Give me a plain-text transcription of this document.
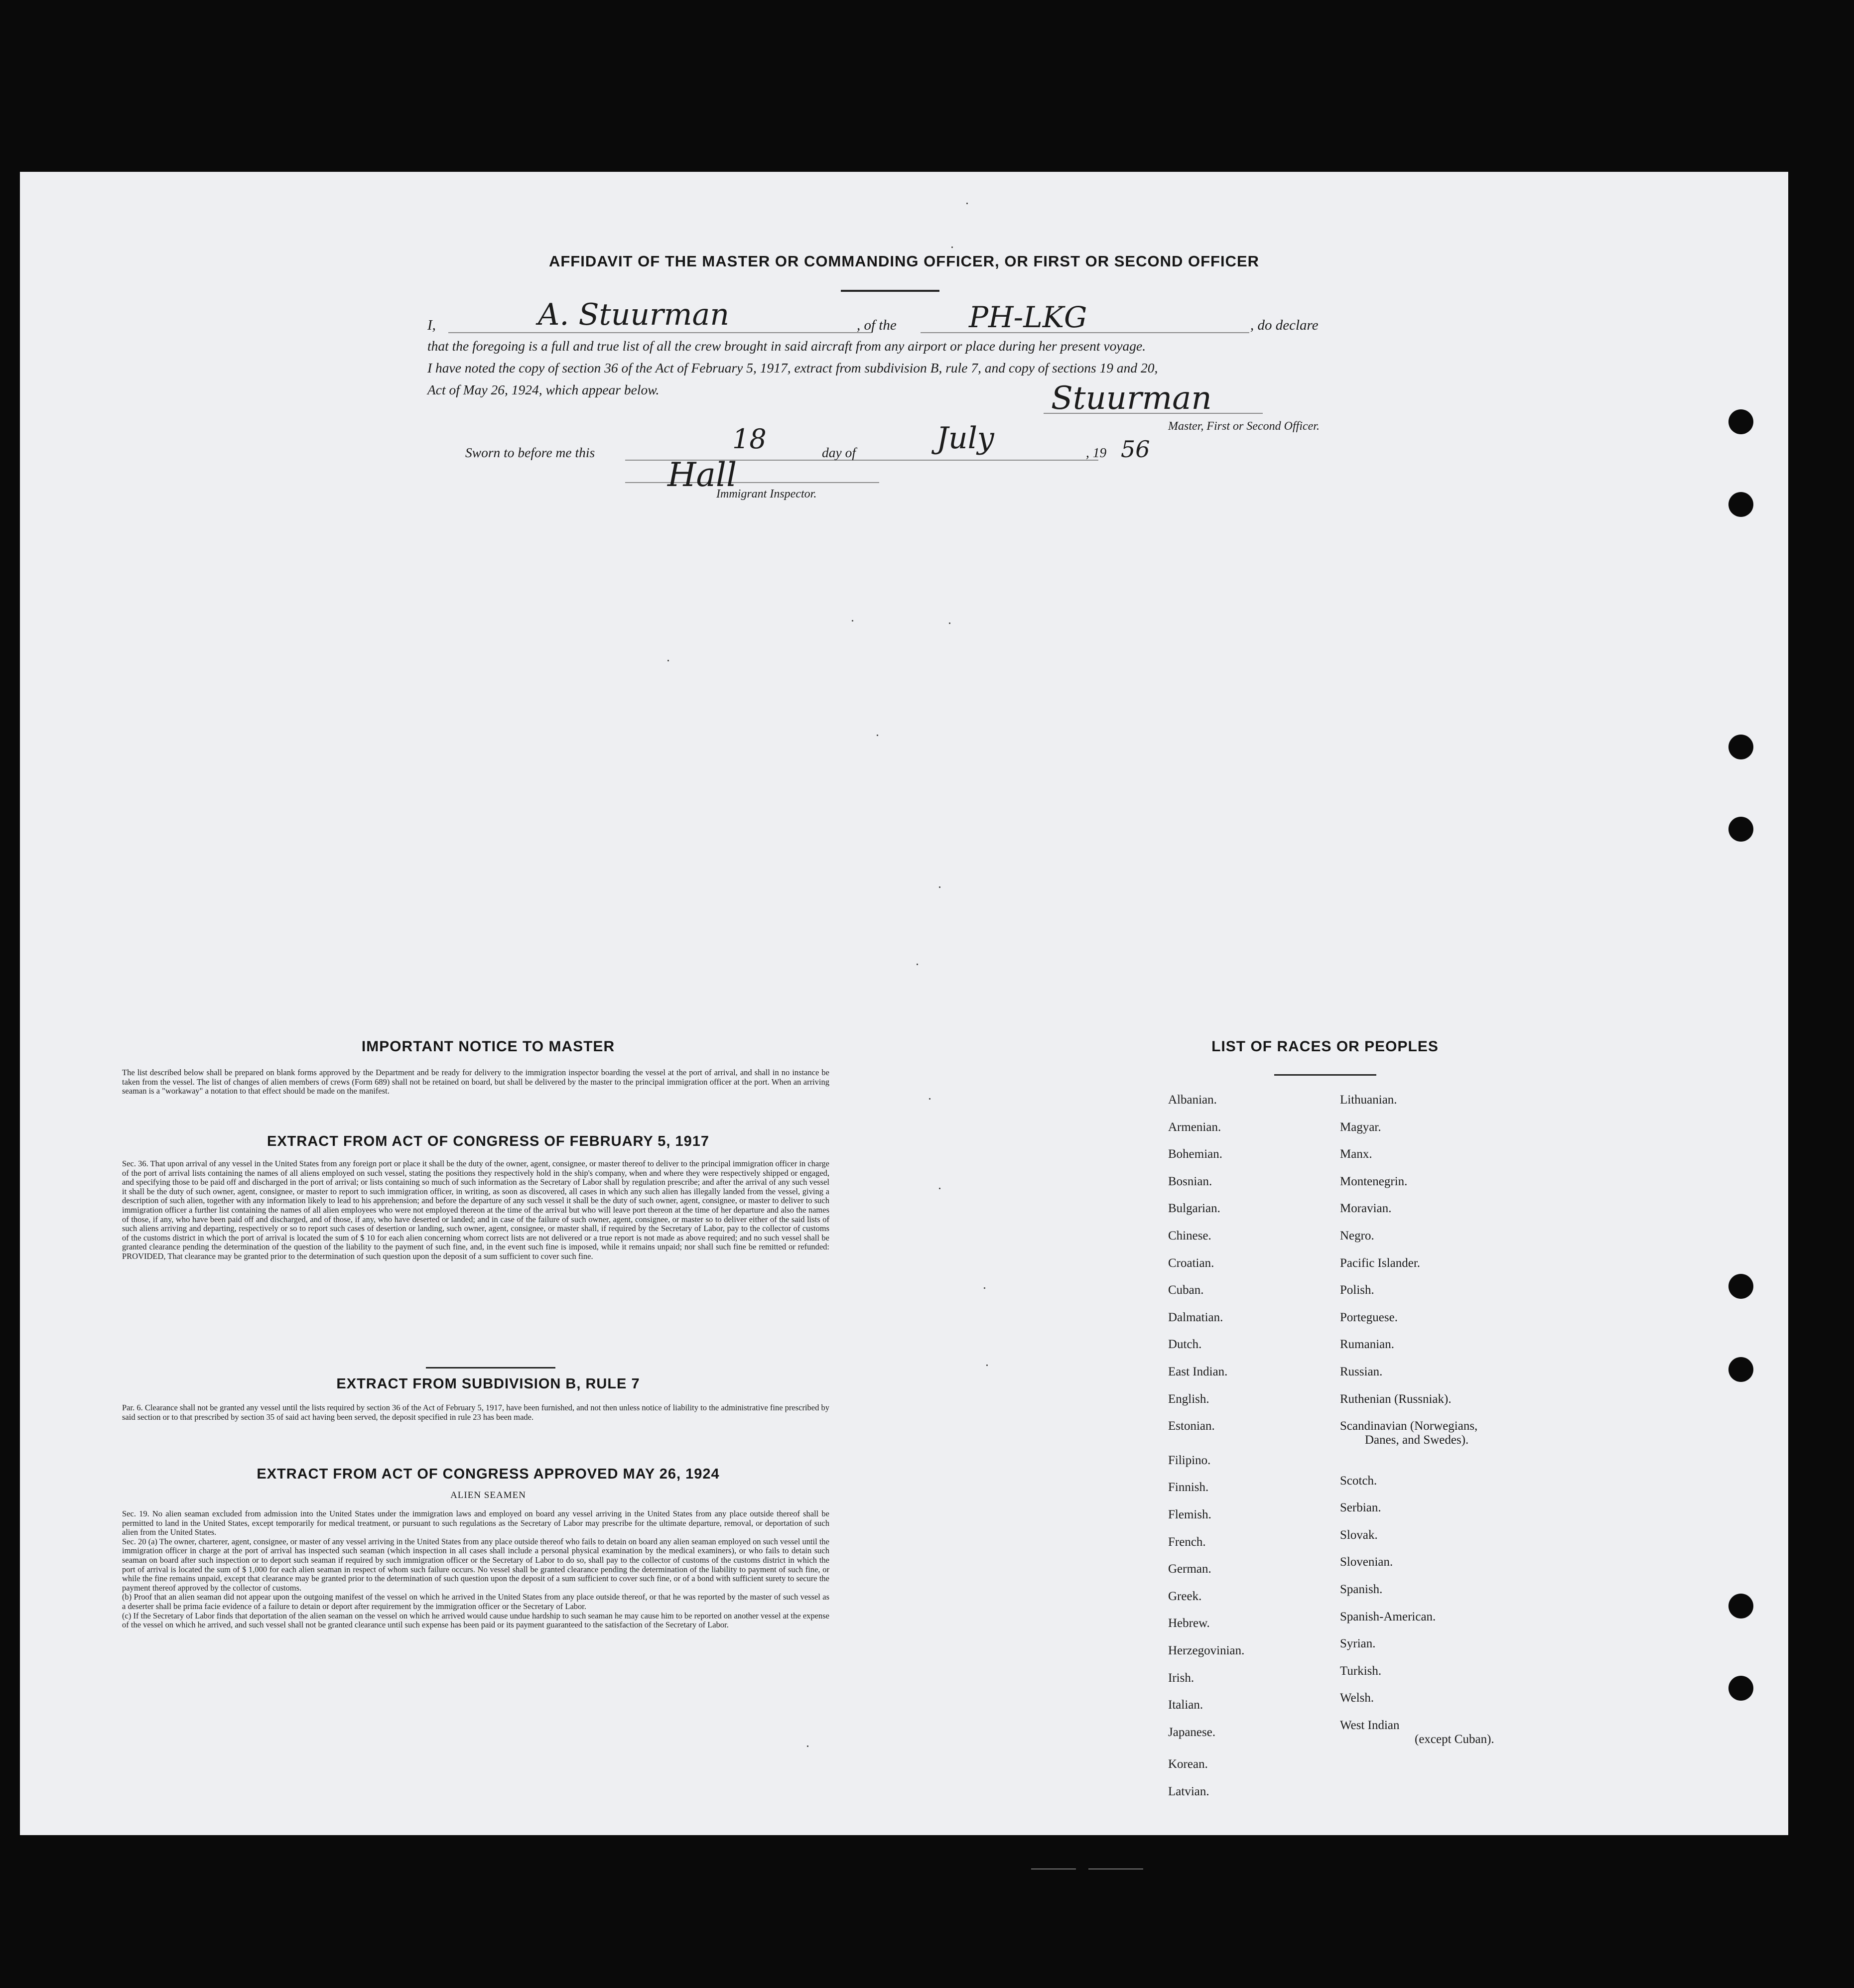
AFFIDAVIT OF THE MASTER OR COMMANDING OFFICER, OR FIRST OR SECOND OFFICER
I,	A. Stuurman	, of the	PH-LKG	, do declare
that the foregoing is a full and true list of all the crew brought in said aircraft from any airport or place during her present voyage.
I have noted the copy of section 36 of the Act of February 5, 1917, extract from subdivision B, rule 7, and copy of sections 19 and 20,
Act of May 26, 1924, which appear below.	Stuurman
Master, First or Second Officer.
Sworn to before me this	18	day of	July	, 19 56
Hall
Immigrant Inspector.
IMPORTANT NOTICE TO MASTER

The list described below shall be prepared on blank forms approved by the Department and be ready for delivery to the immigration inspector boarding the vessel at the port of arrival, and shall in no instance be taken from the vessel. The list of changes of alien members of crews (Form 689) shall not be retained on board, but shall be delivered by the master to the principal immigration officer at the port. When an arriving seaman is a "workaway" a notation to that effect should be made on the manifest.

EXTRACT FROM ACT OF CONGRESS OF FEBRUARY 5, 1917

Sec. 36. That upon arrival of any vessel in the United States from any foreign port or place it shall be the duty of the owner, agent, consignee, or master thereof to deliver to the principal immigration officer in charge of the port of arrival lists containing the names of all aliens employed on such vessel, stating the positions they respectively hold in the ship's company, when and where they were respectively shipped or engaged, and specifying those to be paid off and discharged in the port of arrival; or lists containing so much of such information as the Secretary of Labor shall by regulation prescribe; and after the arrival of any such vessel it shall be the duty of such owner, agent, consignee, or master to report to such immigration officer, in writing, as soon as discovered, all cases in which any such alien has illegally landed from the vessel, giving a description of such alien, together with any information likely to lead to his apprehension; and before the departure of any such vessel it shall be the duty of such owner, agent, consignee, or master to deliver to such immigration officer a further list containing the names of all alien employees who were not employed thereon at the time of the arrival but who will leave port thereon at the time of her departure and also the names of those, if any, who have been paid off and discharged, and of those, if any, who have deserted or landed; and in case of the failure of such owner, agent, consignee, or master so to deliver either of the said lists of such aliens arriving and departing, respectively or so to report such cases of desertion or landing, such owner, agent, consignee, or master shall, if required by the Secretary of Labor, pay to the collector of customs of the customs district in which the port of arrival is located the sum of $ 10 for each alien concerning whom correct lists are not delivered or a true report is not made as above required; and no such vessel shall be granted clearance pending the determination of the question of the liability to the payment of such fine, and, in the event such fine is imposed, while it remains unpaid; nor shall such fine be remitted or refunded: PROVIDED, That clearance may be granted prior to the determination of such question upon the deposit of a sum sufficient to cover such fine.

EXTRACT FROM SUBDIVISION B, RULE 7

Par. 6. Clearance shall not be granted any vessel until the lists required by section 36 of the Act of February 5, 1917, have been furnished, and not then unless notice of liability to the administrative fine prescribed by said section or to that prescribed by section 35 of said act having been served, the deposit specified in rule 23 has been made.

EXTRACT FROM ACT OF CONGRESS APPROVED MAY 26, 1924
ALIEN SEAMEN

Sec. 19. No alien seaman excluded from admission into the United States under the immigration laws and employed on board any vessel arriving in the United States from any place outside thereof shall be permitted to land in the United States, except temporarily for medical treatment, or pursuant to such regulations as the Secretary of Labor may prescribe for the ultimate departure, removal, or deportation of such alien from the United States.
Sec. 20 (a) The owner, charterer, agent, consignee, or master of any vessel arriving in the United States from any place outside thereof who fails to detain on board any alien seaman employed on such vessel until the immigration officer in charge at the port of arrival has inspected such seaman (which inspection in all cases shall include a personal physical examination by the medical examiners), or who fails to detain such seaman on board after such inspection or to deport such seaman if required by such immigration officer or the Secretary of Labor to do so, shall pay to the collector of customs of the customs district in which the port of arrival is located the sum of $ 1,000 for each alien seaman in respect of whom such failure occurs. No vessel shall be granted clearance pending the determination of the liability to payment of such fine, or while the fine remains unpaid, except that clearance may be granted prior to the determination of such question upon the deposit of a sum sufficient to cover such fine, or of a bond with sufficient surety to secure the payment thereof approved by the collector of customs.
(b) Proof that an alien seaman did not appear upon the outgoing manifest of the vessel on which he arrived in the United States from any place outside thereof, or that he was reported by the master of such vessel as a deserter shall be prima facie evidence of a failure to detain or deport after requirement by the immigration officer or the Secretary of Labor.
(c) If the Secretary of Labor finds that deportation of the alien seaman on the vessel on which he arrived would cause undue hardship to such seaman he may cause him to be reported on another vessel at the expense of the vessel on which he arrived, and such vessel shall not be granted clearance until such expense has been paid or its payment guaranteed to the satisfaction of the Secretary of Labor.

LIST OF RACES OR PEOPLES
Albanian.
Armenian.
Bohemian.
Bosnian.
Bulgarian.
Chinese.
Croatian.
Cuban.
Dalmatian.
Dutch.
East Indian.
English.
Estonian.
Filipino.
Finnish.
Flemish.
French.
German.
Greek.
Hebrew.
Herzegovinian.
Irish.
Italian.
Japanese.
Korean.
Latvian.
Lithuanian.
Magyar.
Manx.
Montenegrin.
Moravian.
Negro.
Pacific Islander.
Polish.
Porteguese.
Rumanian.
Russian.
Ruthenian (Russniak).
Scandinavian (Norwegians,
Danes, and Swedes).
Scotch.
Serbian.
Slovak.
Slovenian.
Spanish.
Spanish-American.
Syrian.
Turkish.
Welsh.
West Indian
(except Cuban).
